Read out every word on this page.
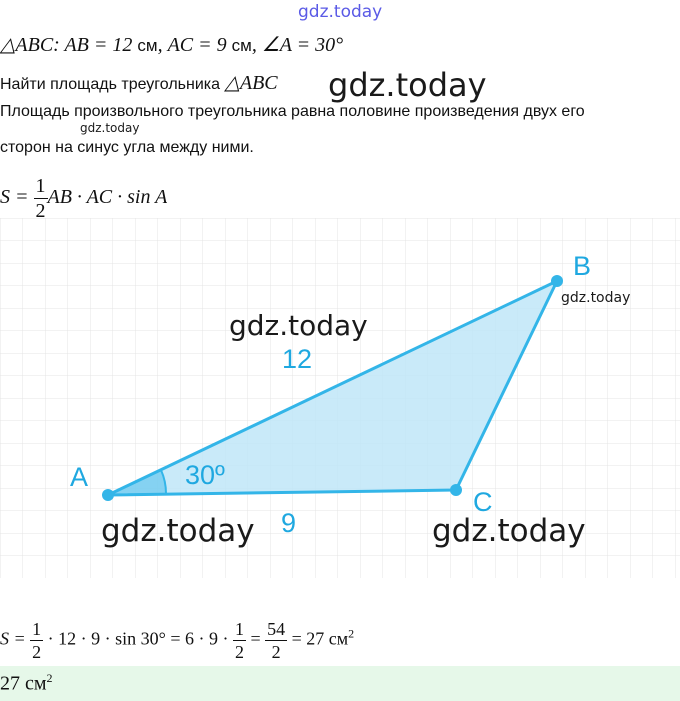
gdz.today
△ABC: AB = 12 см, AC = 9 см, ∠A = 30°
Найти площадь треугольника △ABC gdz.today
Площадь произвольного треугольника равна половине произведения двух его
gdz.today
сторон на синус угла между ними.
$S = \frac{1}{2}$ AB · AC · sin A
A
B
C
12
9
30º
gdz.today
gdz.today
gdz.today	gdz.today
$S = \frac{1}{2} \cdot 12 \cdot 9 \cdot \sin 30^\circ = 6 \cdot 9 \cdot \frac{1}{2} = \frac{54}{2} = 27$ $см^2$
27 $см^2$
